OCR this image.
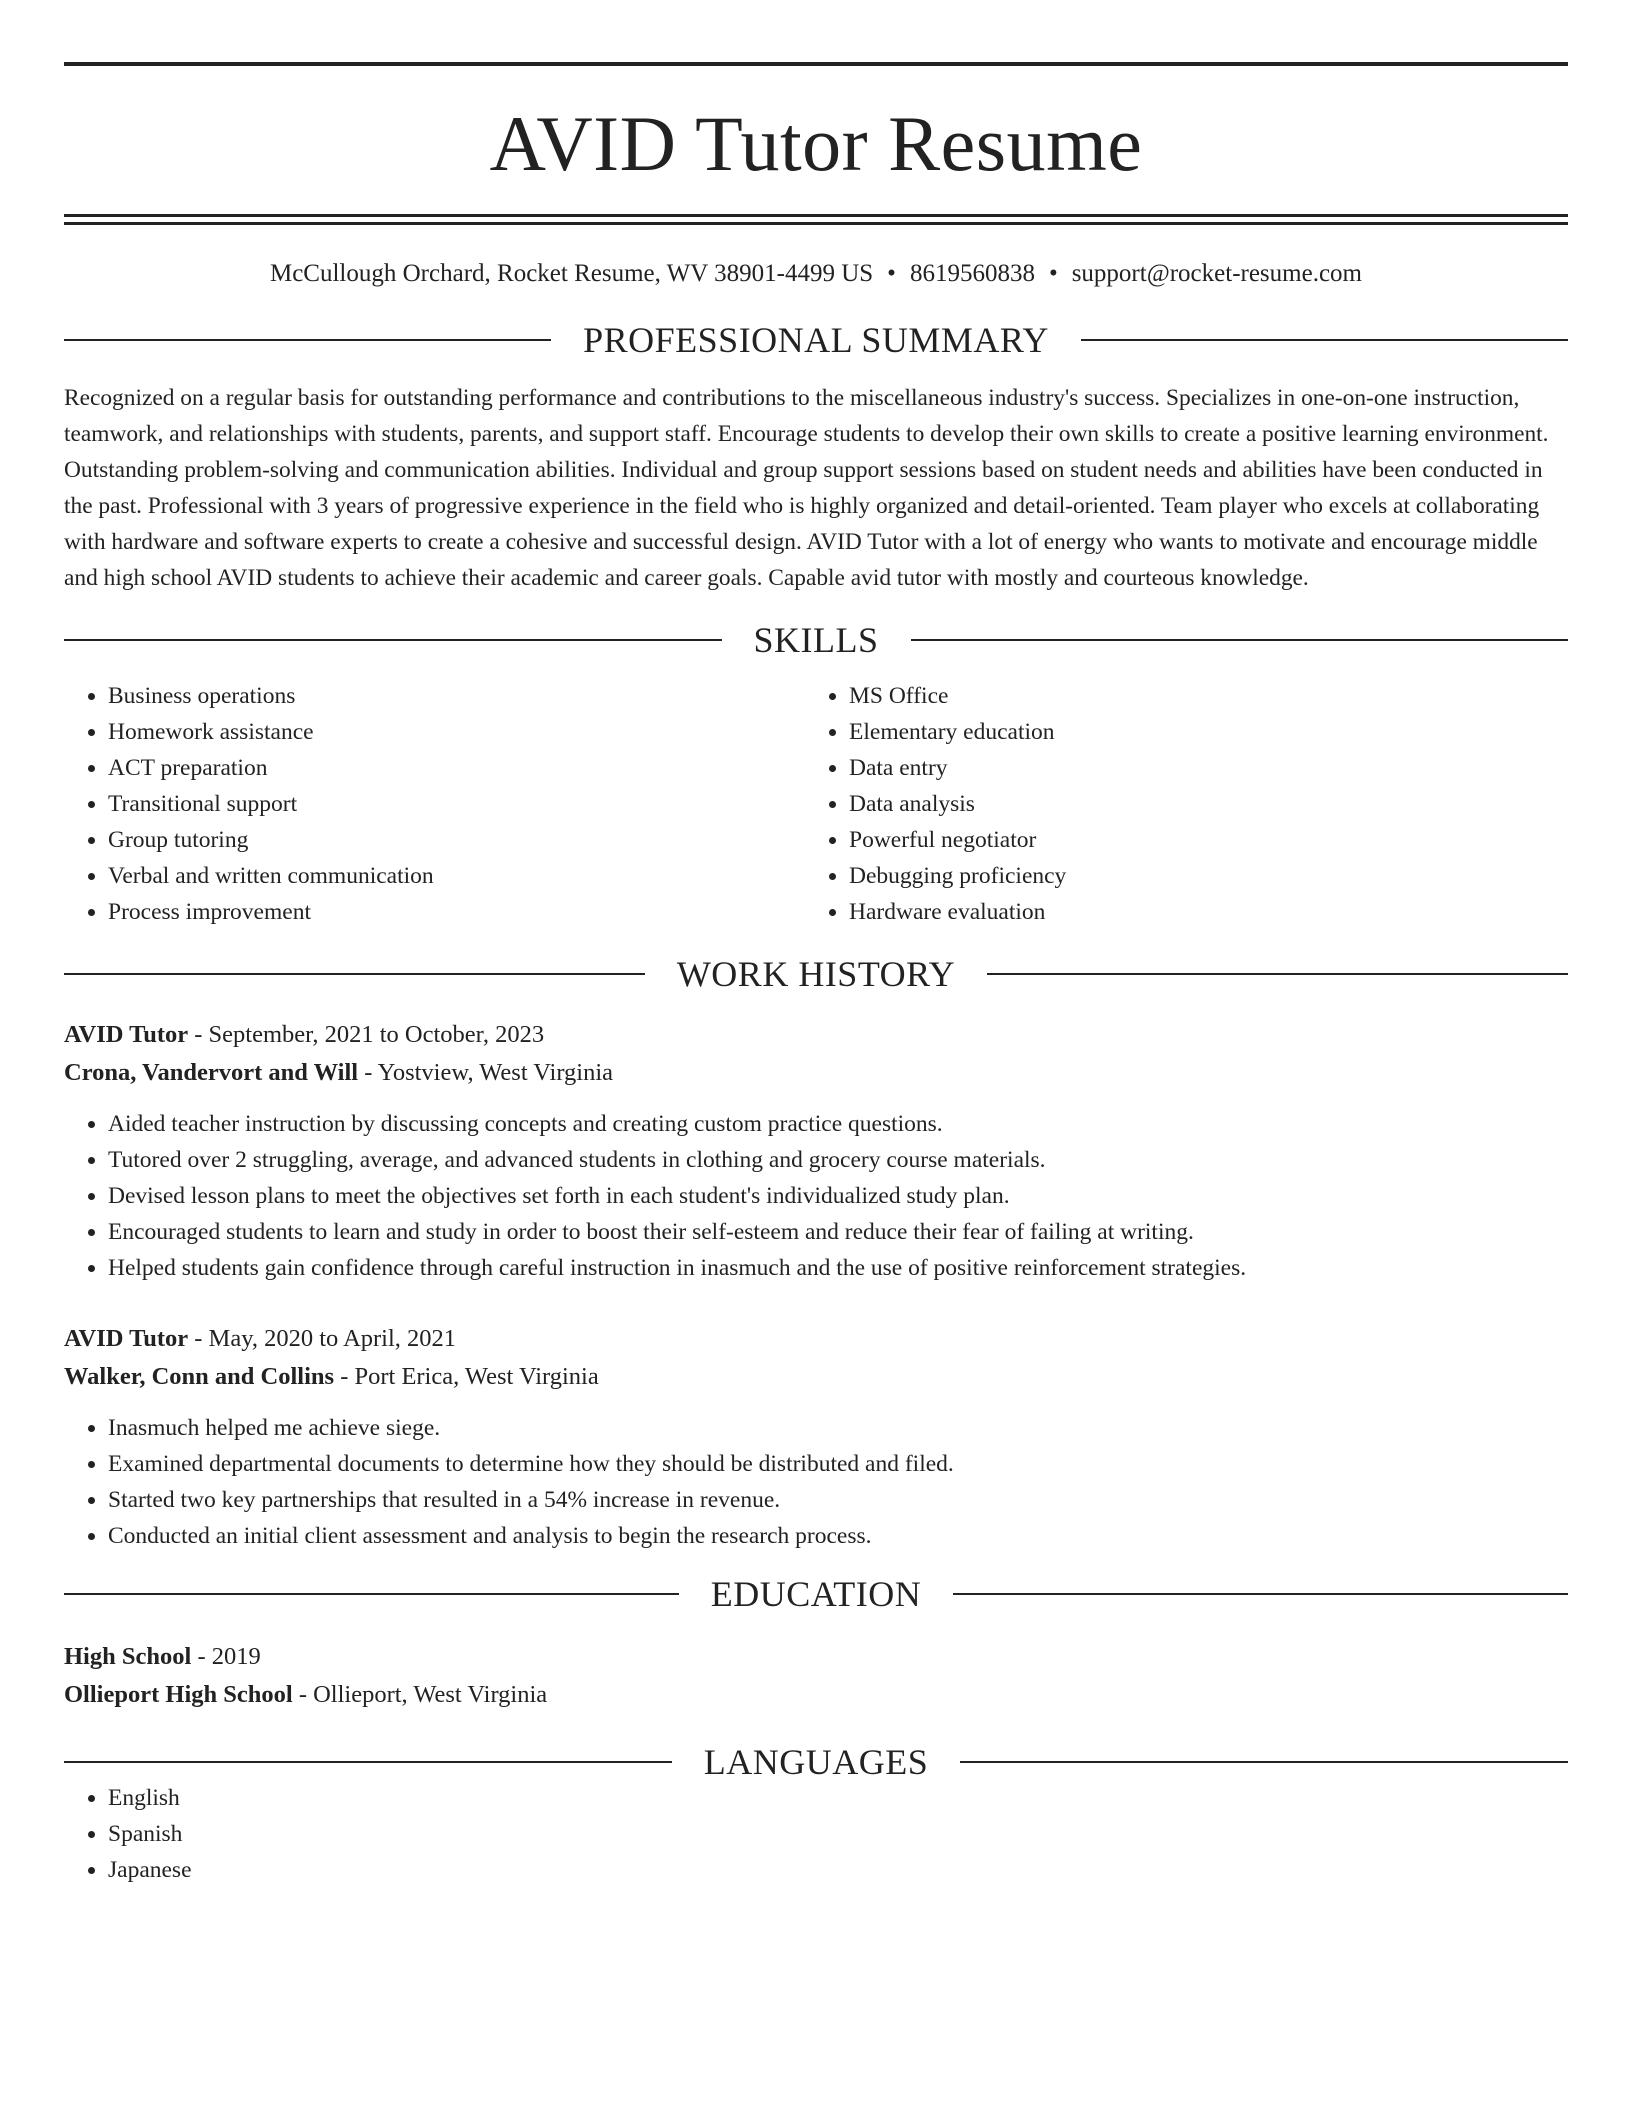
AVID Tutor Resume
McCullough Orchard, Rocket Resume, WV 38901-4499 US • 8619560838 • support@rocket-resume.com
PROFESSIONAL SUMMARY

Recognized on a regular basis for outstanding performance and contributions to the miscellaneous industry's success. Specializes in one-on-one instruction, teamwork, and relationships with students, parents, and support staff. Encourage students to develop their own skills to create a positive learning environment. Outstanding problem-solving and communication abilities. Individual and group support sessions based on student needs and abilities have been conducted in the past. Professional with 3 years of progressive experience in the field who is highly organized and detail-oriented. Team player who excels at collaborating with hardware and software experts to create a cohesive and successful design. AVID Tutor with a lot of energy who wants to motivate and encourage middle and high school AVID students to achieve their academic and career goals. Capable avid tutor with mostly and courteous knowledge.

SKILLS
• Business operations
• Homework assistance
• ACT preparation
• Transitional support
• Group tutoring
• Verbal and written communication
• Process improvement
• MS Office
• Elementary education
• Data entry
• Data analysis
• Powerful negotiator
• Debugging proficiency
• Hardware evaluation
WORK HISTORY
AVID Tutor - September, 2021 to October, 2023
Crona, Vandervort and Will - Yostview, West Virginia
• Aided teacher instruction by discussing concepts and creating custom practice questions.
• Tutored over 2 struggling, average, and advanced students in clothing and grocery course materials.
• Devised lesson plans to meet the objectives set forth in each student's individualized study plan.
• Encouraged students to learn and study in order to boost their self-esteem and reduce their fear of failing at writing.
• Helped students gain confidence through careful instruction in inasmuch and the use of positive reinforcement strategies.
AVID Tutor - May, 2020 to April, 2021
Walker, Conn and Collins - Port Erica, West Virginia
• Inasmuch helped me achieve siege.
• Examined departmental documents to determine how they should be distributed and filed.
• Started two key partnerships that resulted in a 54% increase in revenue.
• Conducted an initial client assessment and analysis to begin the research process.
EDUCATION
High School - 2019
Ollieport High School - Ollieport, West Virginia
LANGUAGES
• English
• Spanish
• Japanese
